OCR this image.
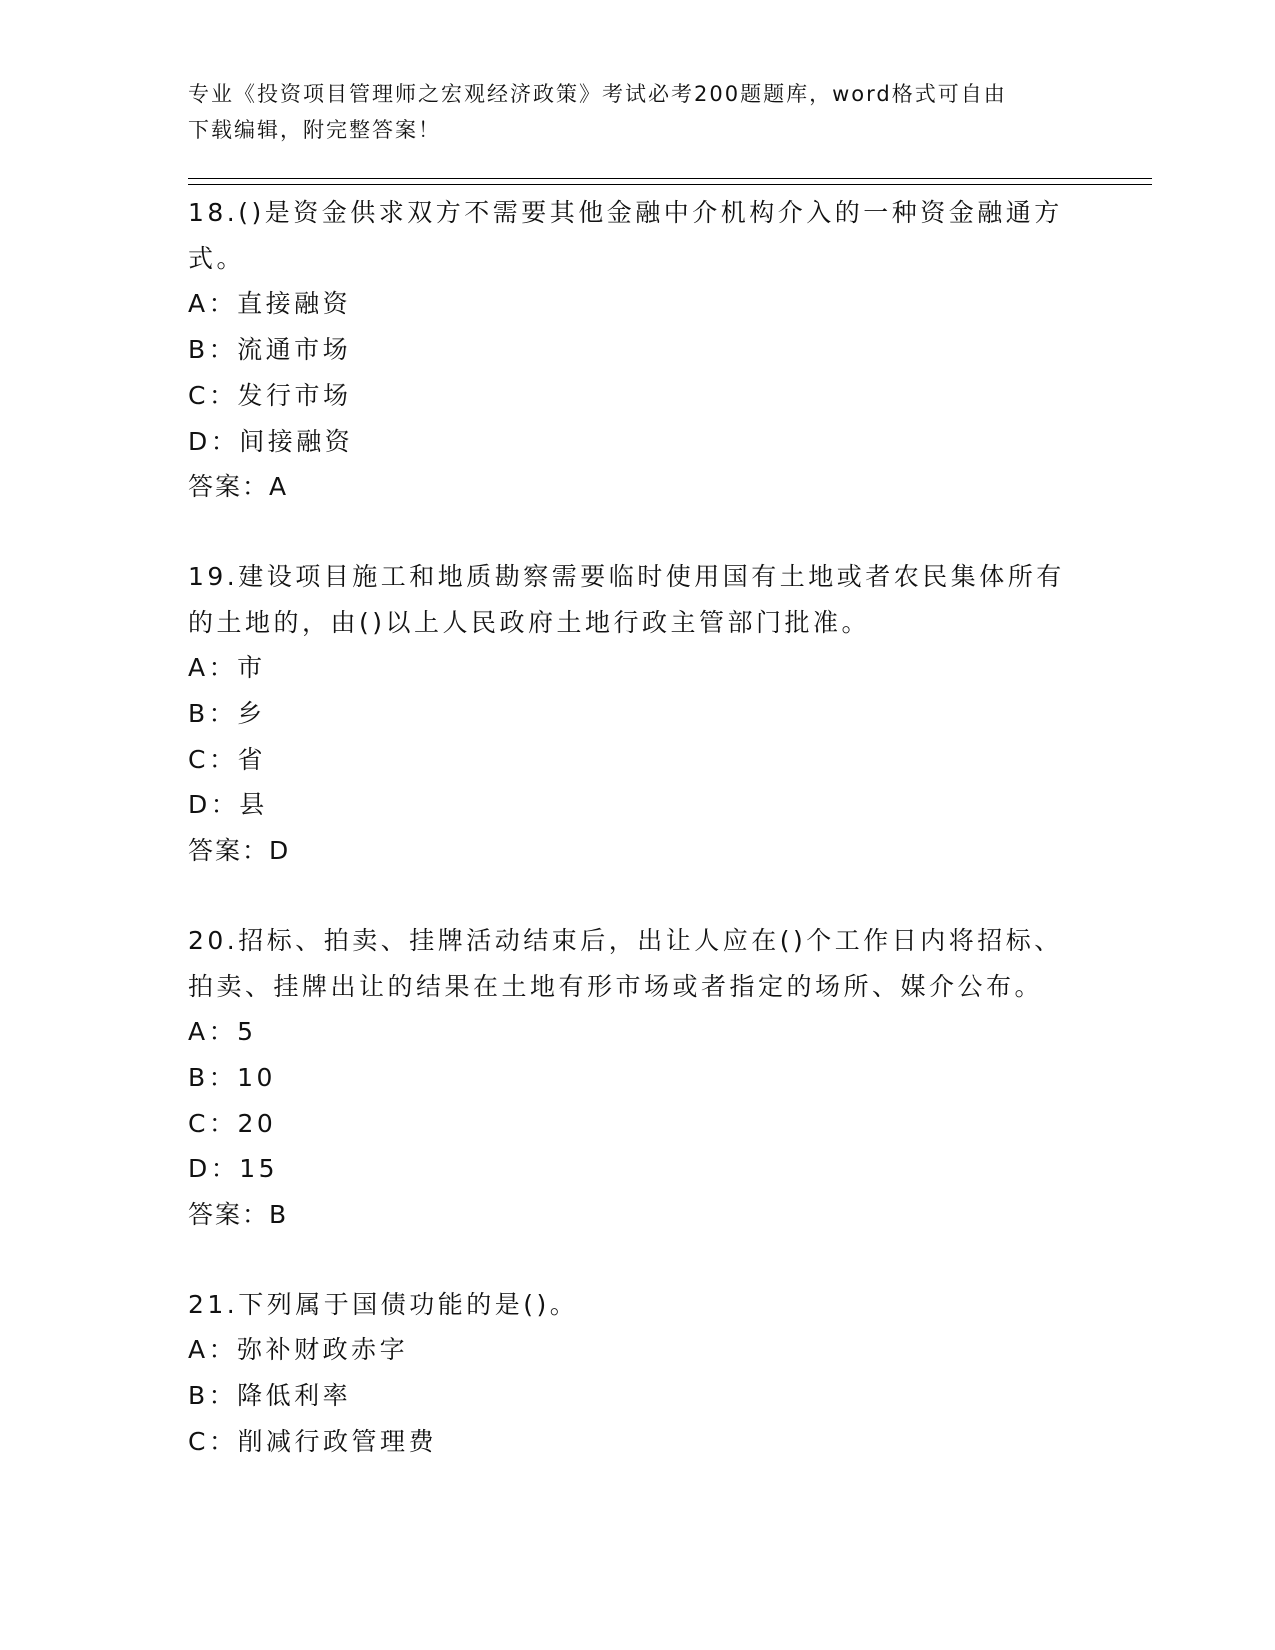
专业《投资项目管理师之宏观经济政策》考试必考200题题库，word格式可自由
下载编辑，附完整答案！

18.()是资金供求双方不需要其他金融中介机构介入的一种资金融通方

式。

A：直接融资

B：流通市场

C：发行市场

D：间接融资

答案：A

19.建设项目施工和地质勘察需要临时使用国有土地或者农民集体所有

的土地的，由()以上人民政府土地行政主管部门批准。

A：市

B：乡

C：省

D：县

答案：D

20.招标、拍卖、挂牌活动结束后，出让人应在()个工作日内将招标、

拍卖、挂牌出让的结果在土地有形市场或者指定的场所、媒介公布。

A：5

B：10

C：20

D：15

答案：B

21.下列属于国债功能的是()。

A：弥补财政赤字

B：降低利率

C：削减行政管理费
